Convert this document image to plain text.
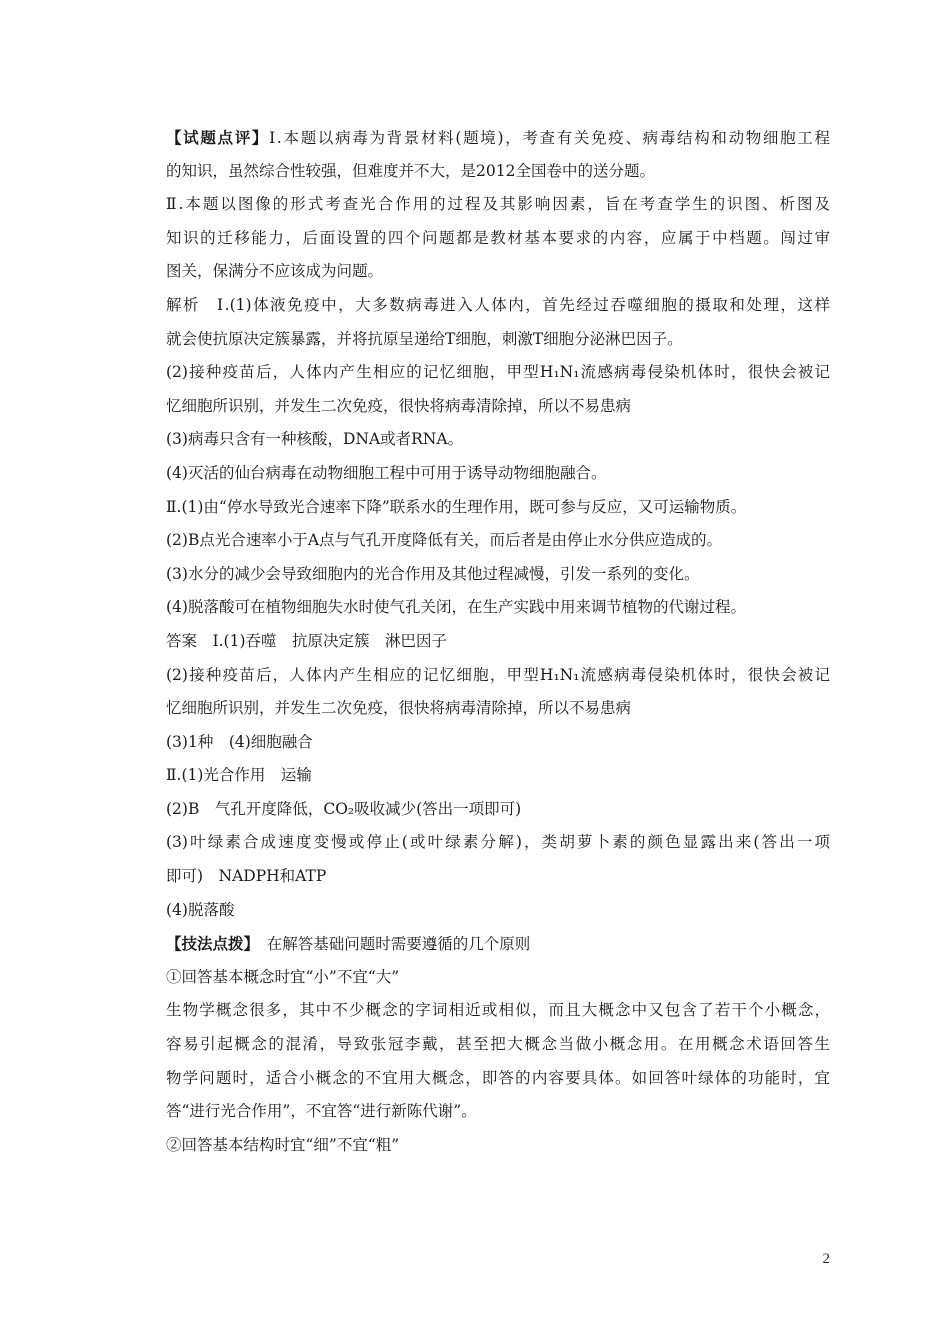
【试题点评】Ⅰ.本题以病毒为背景材料(题境)，考查有关免疫、病毒结构和动物细胞工程
的知识，虽然综合性较强，但难度并不大，是2012全国卷中的送分题。
Ⅱ.本题以图像的形式考查光合作用的过程及其影响因素，旨在考查学生的识图、析图及
知识的迁移能力，后面设置的四个问题都是教材基本要求的内容，应属于中档题。闯过审
图关，保满分不应该成为问题。
解析　Ⅰ.(1)体液免疫中，大多数病毒进入人体内，首先经过吞噬细胞的摄取和处理，这样
就会使抗原决定簇暴露，并将抗原呈递给T细胞，刺激T细胞分泌淋巴因子。
(2)接种疫苗后，人体内产生相应的记忆细胞，甲型H₁N₁流感病毒侵染机体时，很快会被记
忆细胞所识别，并发生二次免疫，很快将病毒清除掉，所以不易患病
(3)病毒只含有一种核酸，DNA或者RNA。
(4)灭活的仙台病毒在动物细胞工程中可用于诱导动物细胞融合。
Ⅱ.(1)由“停水导致光合速率下降”联系水的生理作用，既可参与反应，又可运输物质。
(2)B点光合速率小于A点与气孔开度降低有关，而后者是由停止水分供应造成的。
(3)水分的减少会导致细胞内的光合作用及其他过程减慢，引发一系列的变化。
(4)脱落酸可在植物细胞失水时使气孔关闭，在生产实践中用来调节植物的代谢过程。
答案　Ⅰ.(1)吞噬　抗原决定簇　淋巴因子
(2)接种疫苗后，人体内产生相应的记忆细胞，甲型H₁N₁流感病毒侵染机体时，很快会被记
忆细胞所识别，并发生二次免疫，很快将病毒清除掉，所以不易患病
(3)1种　(4)细胞融合
Ⅱ.(1)光合作用　运输
(2)B　气孔开度降低，CO₂吸收减少(答出一项即可)
(3)叶绿素合成速度变慢或停止(或叶绿素分解)，类胡萝卜素的颜色显露出来(答出一项
即可)　NADPH和ATP
(4)脱落酸
【技法点拨】　在解答基础问题时需要遵循的几个原则
①回答基本概念时宜“小”不宜“大”
生物学概念很多，其中不少概念的字词相近或相似，而且大概念中又包含了若干个小概念，
容易引起概念的混淆，导致张冠李戴，甚至把大概念当做小概念用。在用概念术语回答生
物学问题时，适合小概念的不宜用大概念，即答的内容要具体。如回答叶绿体的功能时，宜
答“进行光合作用”，不宜答“进行新陈代谢”。
②回答基本结构时宜“细”不宜“粗”
2
